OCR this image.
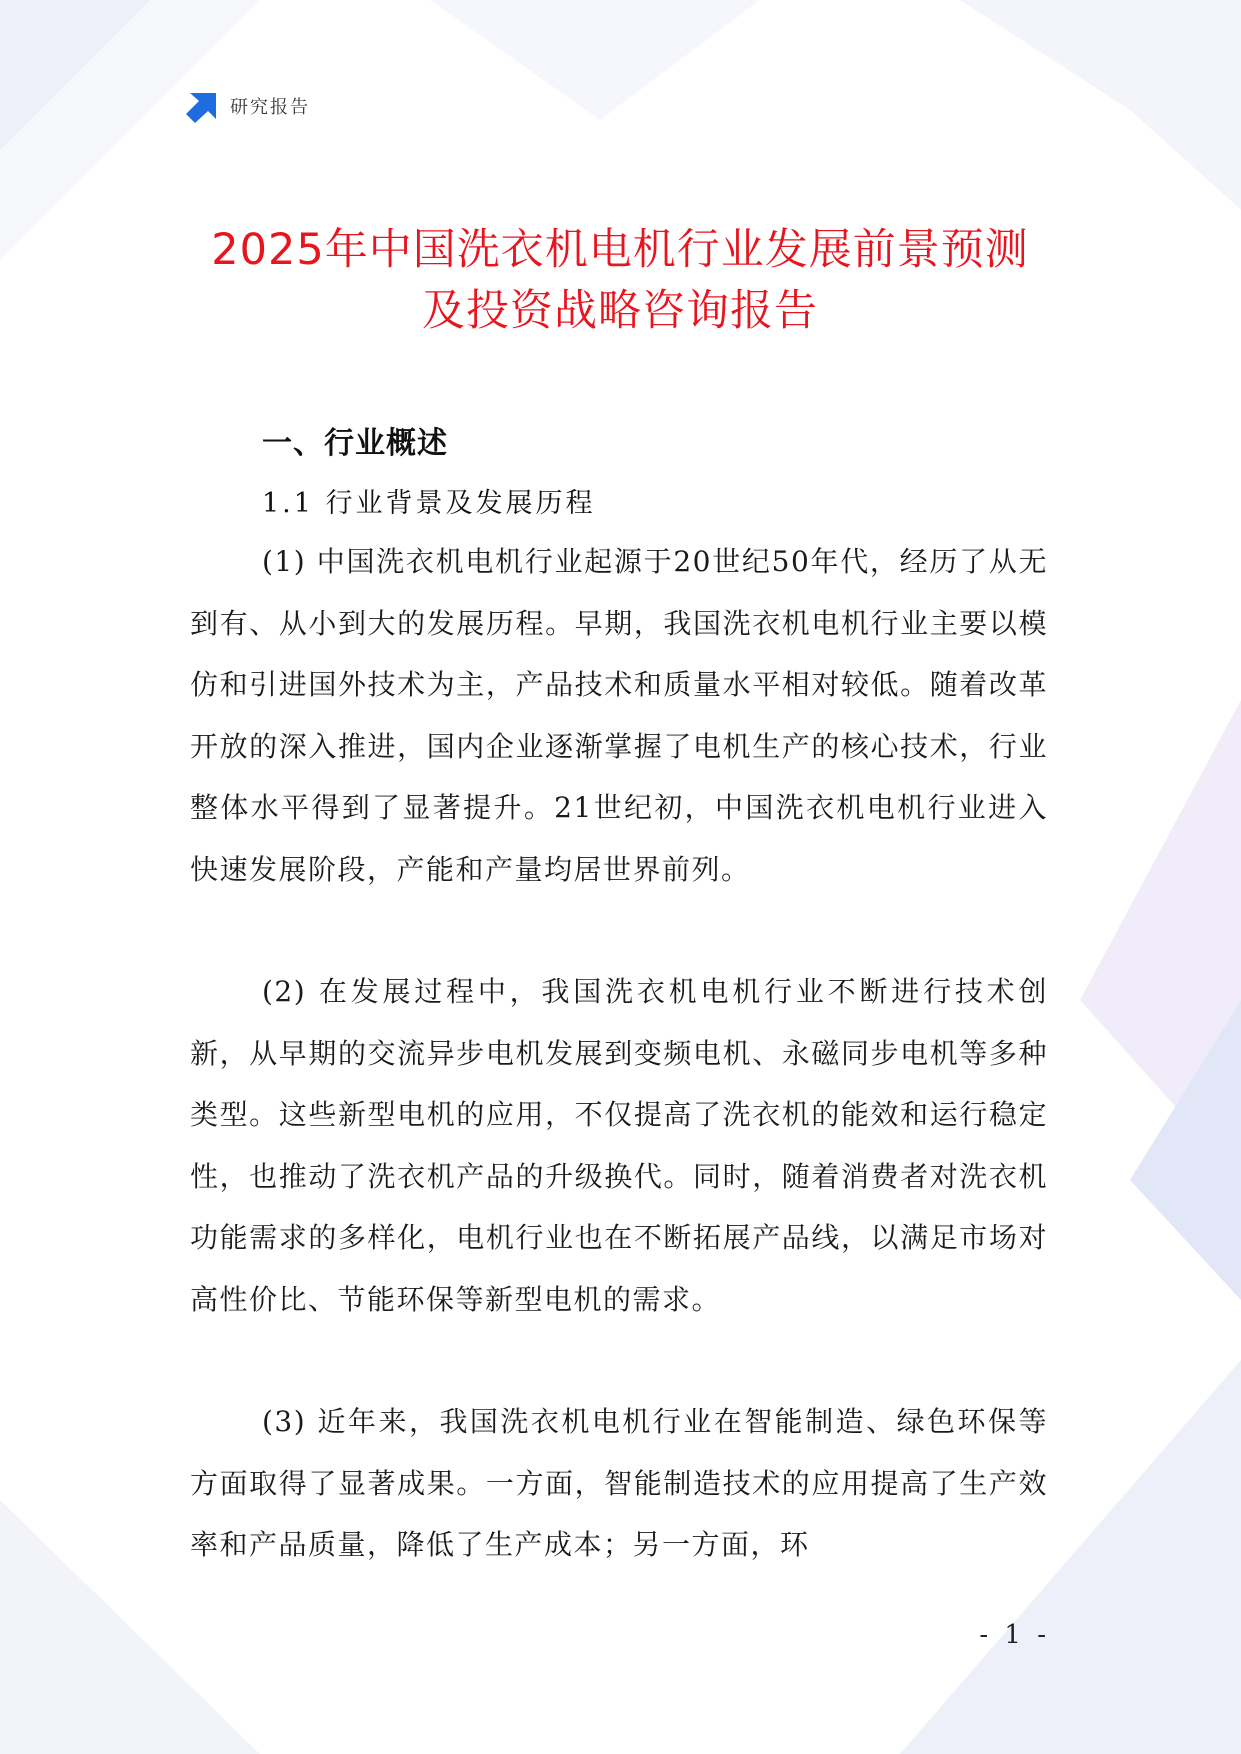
研究报告
2025年中国洗衣机电机行业发展前景预测
及投资战略咨询报告
一、行业概述
1.1 行业背景及发展历程

(1) 中国洗衣机电机行业起源于20世纪50年代，经历了从无到有、从小到大的发展历程。早期，我国洗衣机电机行业主要以模仿和引进国外技术为主，产品技术和质量水平相对较低。随着改革开放的深入推进，国内企业逐渐掌握了电机生产的核心技术，行业整体水平得到了显著提升。21世纪初，中国洗衣机电机行业进入快速发展阶段，产能和产量均居世界前列。

(2) 在发展过程中，我国洗衣机电机行业不断进行技术创新，从早期的交流异步电机发展到变频电机、永磁同步电机等多种类型。这些新型电机的应用，不仅提高了洗衣机的能效和运行稳定性，也推动了洗衣机产品的升级换代。同时，随着消费者对洗衣机功能需求的多样化，电机行业也在不断拓展产品线，以满足市场对高性价比、节能环保等新型电机的需求。

(3) 近年来，我国洗衣机电机行业在智能制造、绿色环保等方面取得了显著成果。一方面，智能制造技术的应用提高了生产效率和产品质量，降低了生产成本；另一方面，环

- 1 -
